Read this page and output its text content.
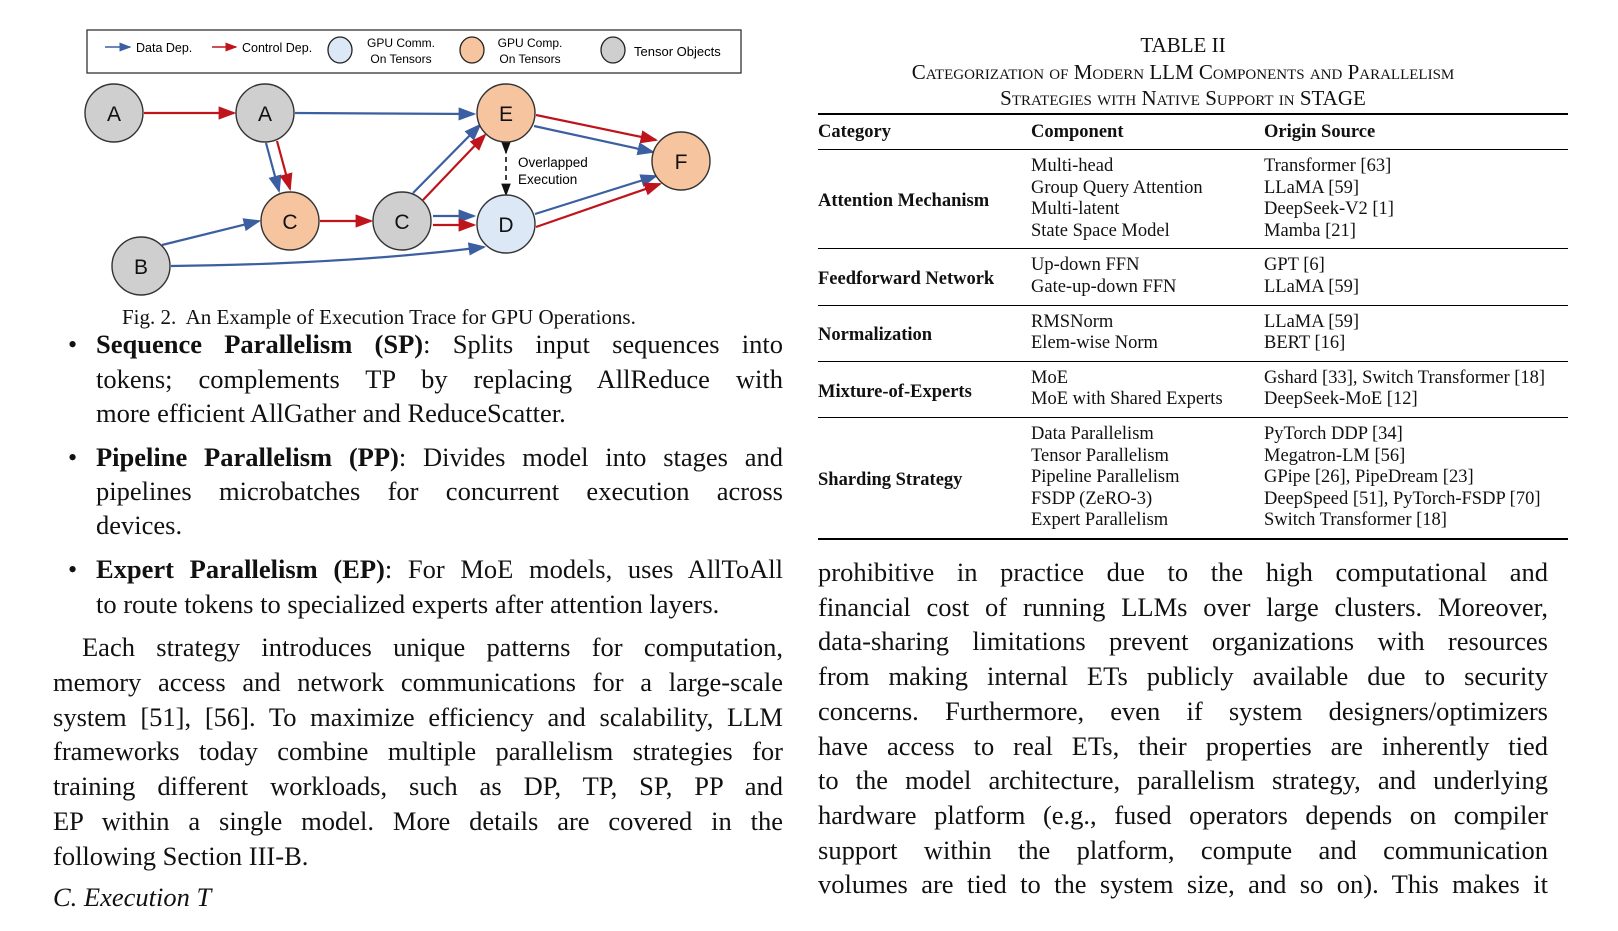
Data Dep.	Control Dep.	GPU Comm.
On Tensors
GPU Comp.
On Tensors	Tensor Objects
Overlapped
Execution
A	A
C	C
E
D
F
B
Fig. 2.  An Example of Execution Trace for GPU Operations.
• Sequence Parallelism (SP): Splits input sequences into
tokens; complements TP by replacing AllReduce with
more efficient AllGather and ReduceScatter.
• Pipeline Parallelism (PP): Divides model into stages and
pipelines microbatches for concurrent execution across
devices.
• Expert Parallelism (EP): For MoE models, uses AllToAll
to route tokens to specialized experts after attention layers.
Each strategy introduces unique patterns for computation,
memory access and network communications for a large-scale
system [51], [56]. To maximize efficiency and scalability, LLM
frameworks today combine multiple parallelism strategies for
training different workloads, such as DP, TP, SP, PP and
EP within a single model. More details are covered in the
following Section III-B.
C. Execution T
TABLE II
Categorization of Modern LLM Components and Parallelism
Strategies with Native Support in STAGE
Category	Component	Origin Source
Attention Mechanism	Multi-head	Transformer [63]
	Group Query Attention	LLaMA [59]
	Multi-latent	DeepSeek-V2 [1]
	State Space Model	Mamba [21]
Feedforward Network	Up-down FFN	GPT [6]
	Gate-up-down FFN	LLaMA [59]
Normalization	RMSNorm	LLaMA [59]
	Elem-wise Norm	BERT [16]
Mixture-of-Experts	MoE	Gshard [33], Switch Transformer [18]
	MoE with Shared Experts	DeepSeek-MoE [12]
Sharding Strategy	Data Parallelism	PyTorch DDP [34]
	Tensor Parallelism	Megatron-LM [56]
	Pipeline Parallelism	GPipe [26], PipeDream [23]
	FSDP (ZeRO-3)	DeepSpeed [51], PyTorch-FSDP [70]
	Expert Parallelism	Switch Transformer [18]
prohibitive in practice due to the high computational and
financial cost of running LLMs over large clusters. Moreover,
data-sharing limitations prevent organizations with resources
from making internal ETs publicly available due to security
concerns. Furthermore, even if system designers/optimizers
have access to real ETs, their properties are inherently tied
to the model architecture, parallelism strategy, and underlying
hardware platform (e.g., fused operators depends on compiler
support within the platform, compute and communication
volumes are tied to the system size, and so on). This makes it
